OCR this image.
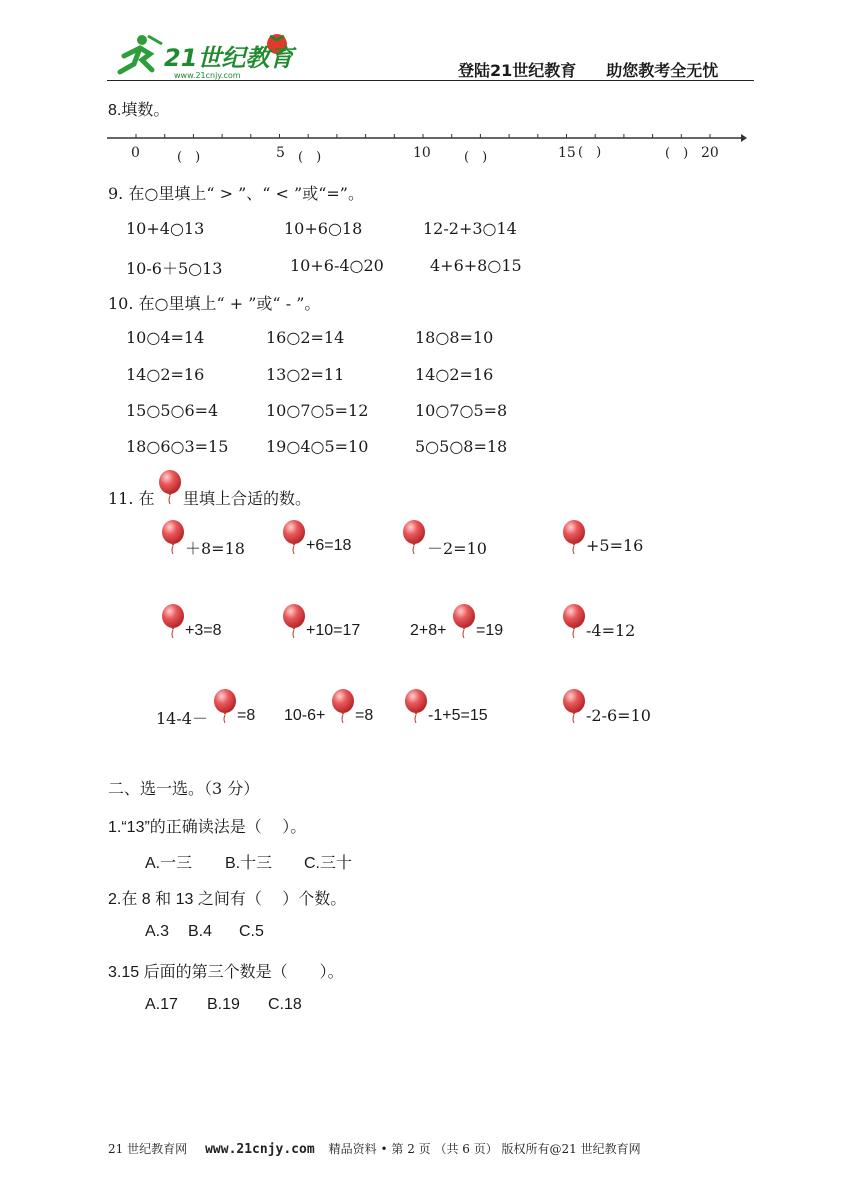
21世纪教育
www.21cnjy.com	登陆21世纪教育 助您教考全无忧
8.填数。
0	(　)	5 (　)	10	(　)	15 (　)	(　) 20
9. 在○里填上“ > ”、“ < ”或“=”。
10+4○13	10+6○18	12-2+3○14
10-6＋5○13	10+6-4○20	4+6+8○15
10. 在○里填上“ + ”或“ - ”。
10○4=14	16○2=14	18○8=10
14○2=16	13○2=11	14○2=16
15○5○6=4	10○7○5=12	10○7○5=8
18○6○3=15 19○4○5=10	5○5○8=18
11. 在 里填上合适的数。
＋8=18	+6=18	－2=10	+5=16
+3=8	+10=17	2+8+ =19	-4=12
14-4－ =8 10-6+ =8	-1+5=15	-2-6=10
二、选一选。（3 分）
1.“13”的正确读法是（　 ）。
A.一三 B.十三 C.三十
2.在 8 和 13 之间有（　 ）个数。
A.3 B.4 C.5
3.15 后面的第三个数是（　　）。
A.17 B.19 C.18
21 世纪教育网 www.21cnjy.com 精品资料 • 第 2 页 （共 6 页） 版权所有@21 世纪教育网
